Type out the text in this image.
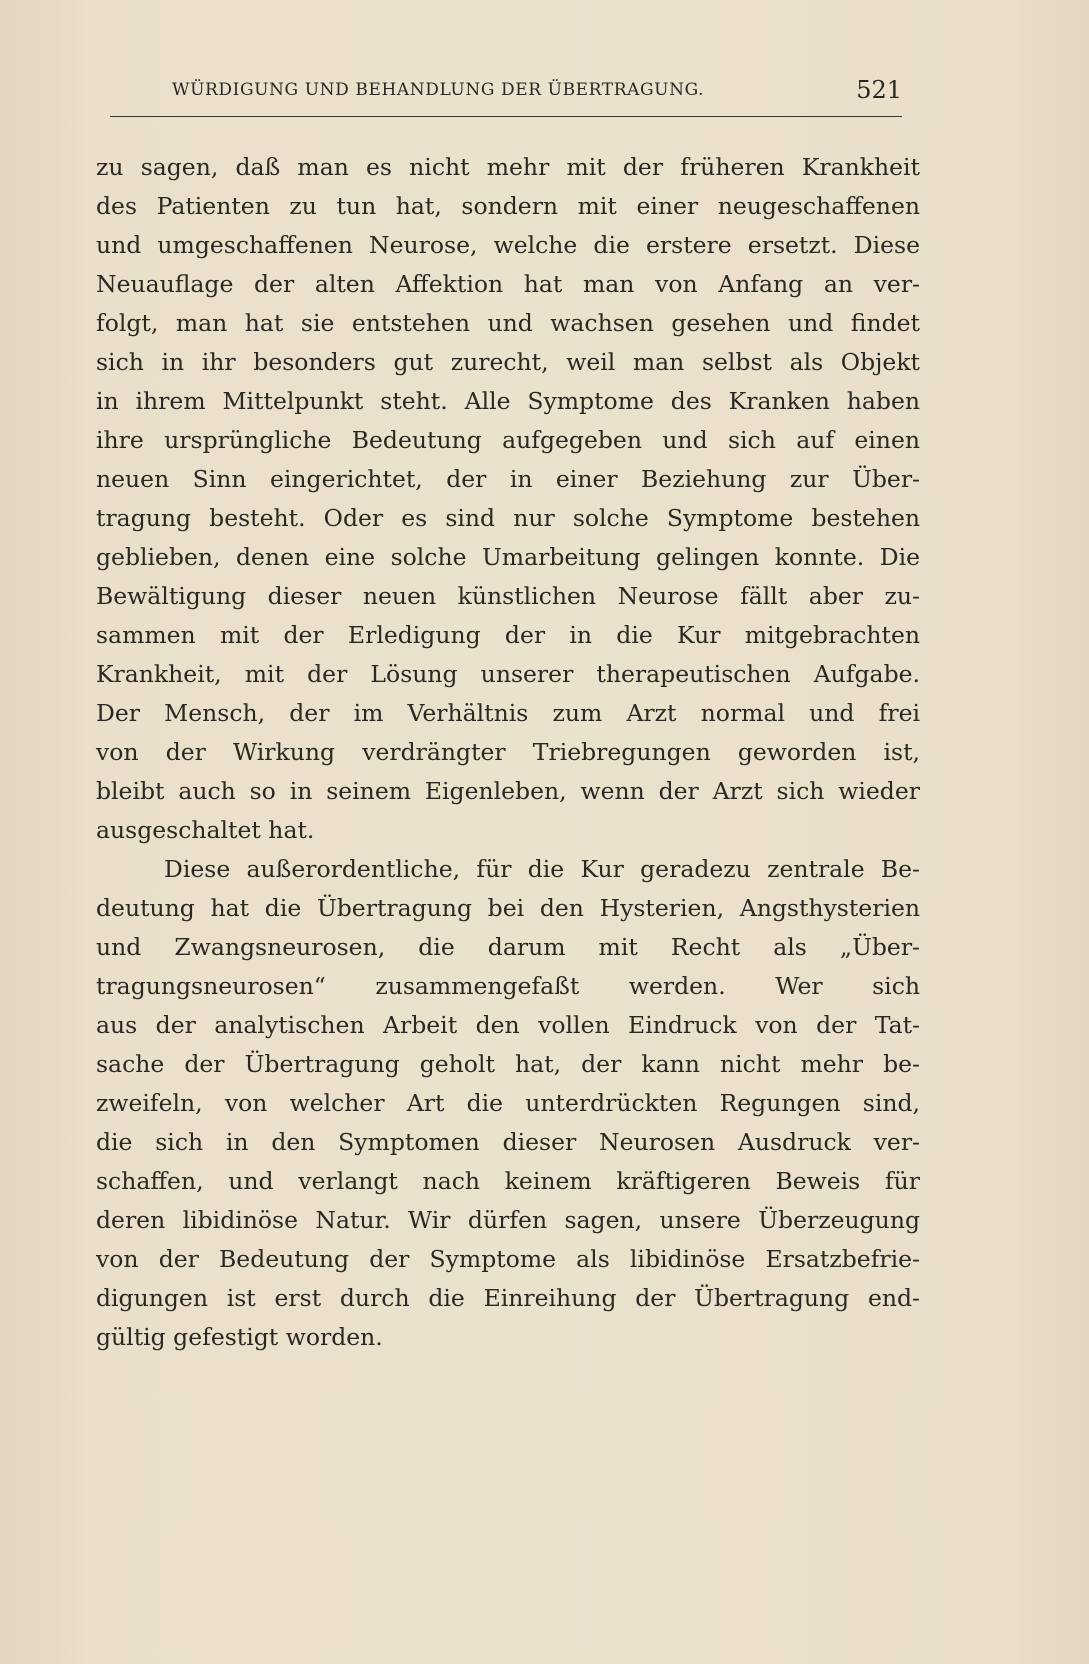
WÜRDIGUNG UND BEHANDLUNG DER ÜBERTRAGUNG.	521
zu sagen, daß man es nicht mehr mit der früheren Krankheit
des Patienten zu tun hat, sondern mit einer neugeschaffenen
und umgeschaffenen Neurose, welche die erstere ersetzt. Diese
Neuauflage der alten Affektion hat man von Anfang an ver-
folgt, man hat sie entstehen und wachsen gesehen und findet
sich in ihr besonders gut zurecht, weil man selbst als Objekt
in ihrem Mittelpunkt steht. Alle Symptome des Kranken haben
ihre ursprüngliche Bedeutung aufgegeben und sich auf einen
neuen Sinn eingerichtet, der in einer Beziehung zur Über-
tragung besteht. Oder es sind nur solche Symptome bestehen
geblieben, denen eine solche Umarbeitung gelingen konnte. Die
Bewältigung dieser neuen künstlichen Neurose fällt aber zu-
sammen mit der Erledigung der in die Kur mitgebrachten
Krankheit, mit der Lösung unserer therapeutischen Aufgabe.
Der Mensch, der im Verhältnis zum Arzt normal und frei
von der Wirkung verdrängter Triebregungen geworden ist,
bleibt auch so in seinem Eigenleben, wenn der Arzt sich wieder
ausgeschaltet hat.
Diese außerordentliche, für die Kur geradezu zentrale Be-
deutung hat die Übertragung bei den Hysterien, Angsthysterien
und Zwangsneurosen, die darum mit Recht als „Über-
tragungsneurosen“ zusammengefaßt werden. Wer sich
aus der analytischen Arbeit den vollen Eindruck von der Tat-
sache der Übertragung geholt hat, der kann nicht mehr be-
zweifeln, von welcher Art die unterdrückten Regungen sind,
die sich in den Symptomen dieser Neurosen Ausdruck ver-
schaffen, und verlangt nach keinem kräftigeren Beweis für
deren libidinöse Natur. Wir dürfen sagen, unsere Überzeugung
von der Bedeutung der Symptome als libidinöse Ersatzbefrie-
digungen ist erst durch die Einreihung der Übertragung end-
gültig gefestigt worden.
